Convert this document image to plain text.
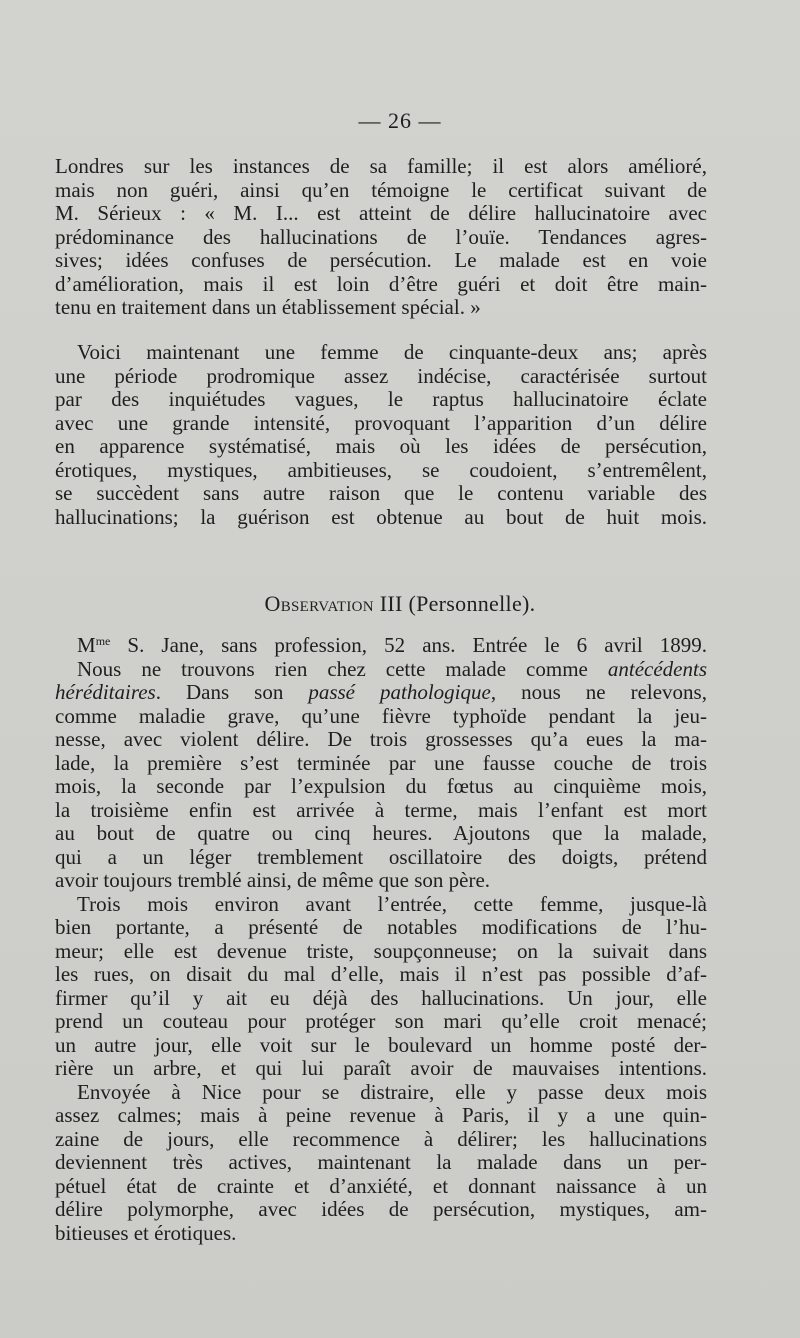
— 26 —
Londres sur les instances de sa famille; il est alors amélioré,
mais non guéri, ainsi qu’en témoigne le certificat suivant de
M. Sérieux : « M. I... est atteint de délire hallucinatoire avec
prédominance des hallucinations de l’ouïe. Tendances agres-
sives; idées confuses de persécution. Le malade est en voie
d’amélioration, mais il est loin d’être guéri et doit être main-
tenu en traitement dans un établissement spécial. »
Voici maintenant une femme de cinquante-deux ans; après
une période prodromique assez indécise, caractérisée surtout
par des inquiétudes vagues, le raptus hallucinatoire éclate
avec une grande intensité, provoquant l’apparition d’un délire
en apparence systématisé, mais où les idées de persécution,
érotiques, mystiques, ambitieuses, se coudoient, s’entremêlent,
se succèdent sans autre raison que le contenu variable des
hallucinations; la guérison est obtenue au bout de huit mois.
Observation III (Personnelle).
$M^{me}$ S. Jane, sans profession, 52 ans. Entrée le 6 avril 1899.
Nous ne trouvons rien chez cette malade comme antécédents
héréditaires. Dans son passé pathologique, nous ne relevons,
comme maladie grave, qu’une fièvre typhoïde pendant la jeu-
nesse, avec violent délire. De trois grossesses qu’a eues la ma-
lade, la première s’est terminée par une fausse couche de trois
mois, la seconde par l’expulsion du fœtus au cinquième mois,
la troisième enfin est arrivée à terme, mais l’enfant est mort
au bout de quatre ou cinq heures. Ajoutons que la malade,
qui a un léger tremblement oscillatoire des doigts, prétend
avoir toujours tremblé ainsi, de même que son père.
Trois mois environ avant l’entrée, cette femme, jusque-là
bien portante, a présenté de notables modifications de l’hu-
meur; elle est devenue triste, soupçonneuse; on la suivait dans
les rues, on disait du mal d’elle, mais il n’est pas possible d’af-
firmer qu’il y ait eu déjà des hallucinations. Un jour, elle
prend un couteau pour protéger son mari qu’elle croit menacé;
un autre jour, elle voit sur le boulevard un homme posté der-
rière un arbre, et qui lui paraît avoir de mauvaises intentions.
Envoyée à Nice pour se distraire, elle y passe deux mois
assez calmes; mais à peine revenue à Paris, il y a une quin-
zaine de jours, elle recommence à délirer; les hallucinations
deviennent très actives, maintenant la malade dans un per-
pétuel état de crainte et d’anxiété, et donnant naissance à un
délire polymorphe, avec idées de persécution, mystiques, am-
bitieuses et érotiques.
